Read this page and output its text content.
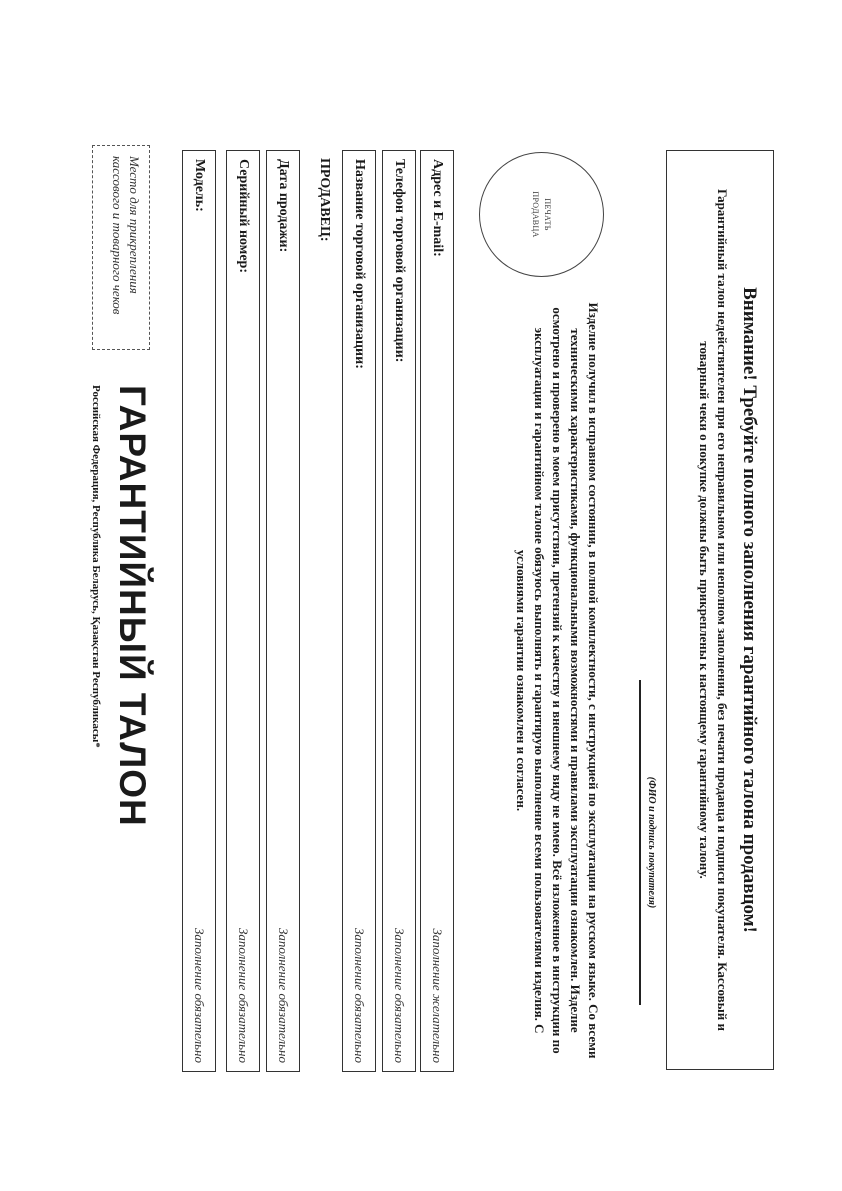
Место для прикрепления
кассового и товарного чеков
ГАРАНТИЙНЫЙ ТАЛОН
Российская Федерация, Республика Беларусь, Қазақстан Республикасы*
Модель:
Заполнение обязательно
Серийный номер:
Заполнение обязательно
Дата продажи:
Заполнение обязательно
ПРОДАВЕЦ: Название торговой организации:
Заполнение обязательно
Телефон торговой организации:
Заполнение обязательно
Адрес и E-mail:
Заполнение желательно
ПЕЧАТЬ
ПРОДАВЦА
Изделие получил в исправном состоянии, в полной комплектности, с инструкцией по эксплуатации на русском языке. Со всеми техническими характеристиками, функциональными возможностями и правилами эксплуатации ознакомлен. Изделие осмотрено и проверено в моем присутствии, претензий к качеству и внешнему виду не имею. Всё изложенное в инструкции по эксплуатации и гарантийном талоне обязуюсь выполнять и гарантирую выполнение всеми пользователями изделия. С условиями гарантии ознакомлен и согласен.
(ФИО и подпись покупателя)	Внимание! Требуйте полного заполнения гарантийного талона продавцом!
Гарантийный талон недействителен при его неправильном или неполном заполнении, без печати продавца и подписи покупателя. Кассовый и товарный чеки о покупке должны быть прикреплены к настоящему гарантийному талону.
